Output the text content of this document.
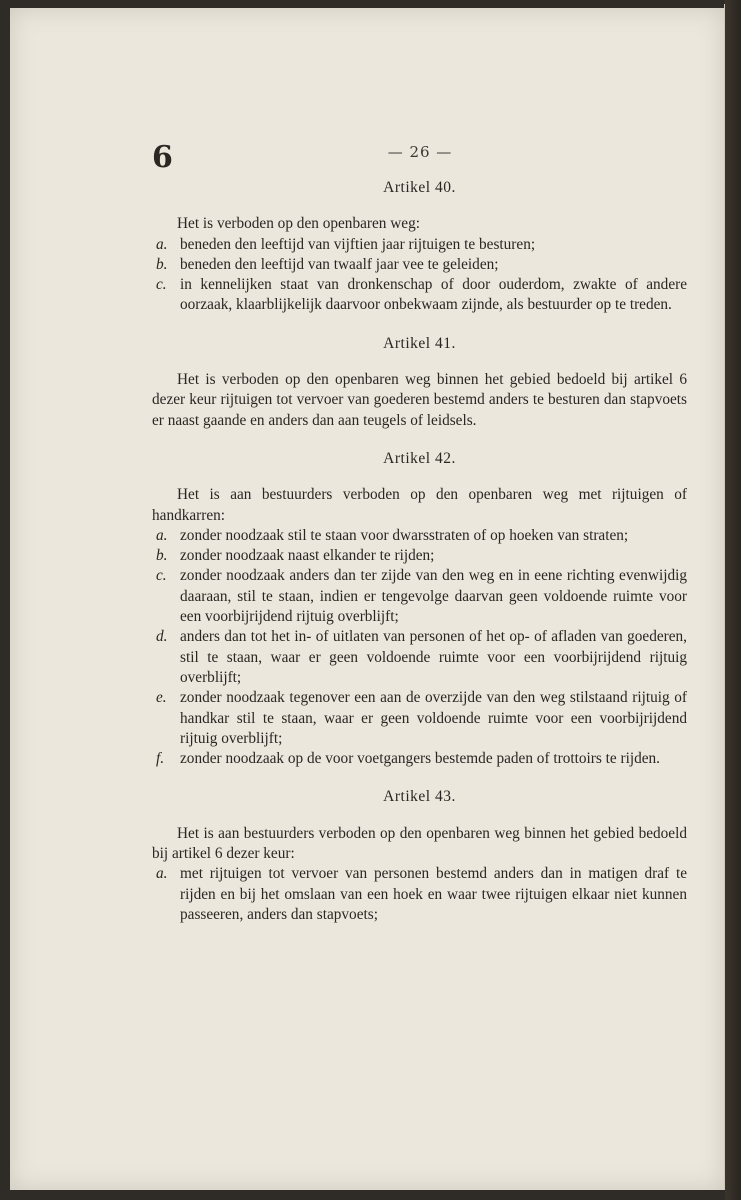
6	— 26 —
Artikel 40.

Het is verboden op den openbaren weg:

a. beneden den leeftijd van vijftien jaar rijtuigen te besturen;
b. beneden den leeftijd van twaalf jaar vee te geleiden;
c. in kennelijken staat van dronkenschap of door ouderdom, zwakte of andere oorzaak, klaarblijkelijk daarvoor onbekwaam zijnde, als bestuurder op te treden.
Artikel 41.

Het is verboden op den openbaren weg binnen het gebied bedoeld bij artikel 6 dezer keur rijtuigen tot vervoer van goederen bestemd anders te besturen dan stapvoets er naast gaande en anders dan aan teugels of leidsels.

Artikel 42.

Het is aan bestuurders verboden op den openbaren weg met rijtuigen of handkarren:

a. zonder noodzaak stil te staan voor dwarsstraten of op hoeken van straten;
b. zonder noodzaak naast elkander te rijden;
c. zonder noodzaak anders dan ter zijde van den weg en in eene richting evenwijdig daaraan, stil te staan, indien er tengevolge daarvan geen voldoende ruimte voor een voorbijrijdend rijtuig overblijft;
d. anders dan tot het in- of uitlaten van personen of het op- of afladen van goederen, stil te staan, waar er geen voldoende ruimte voor een voorbijrijdend rijtuig overblijft;
e. zonder noodzaak tegenover een aan de overzijde van den weg stilstaand rijtuig of handkar stil te staan, waar er geen voldoende ruimte voor een voorbijrijdend rijtuig overblijft;
f. zonder noodzaak op de voor voetgangers bestemde paden of trottoirs te rijden.
Artikel 43.

Het is aan bestuurders verboden op den openbaren weg binnen het gebied bedoeld bij artikel 6 dezer keur:

a. met rijtuigen tot vervoer van personen bestemd anders dan in matigen draf te rijden en bij het omslaan van een hoek en waar twee rijtuigen elkaar niet kunnen passeeren, anders dan stapvoets;
